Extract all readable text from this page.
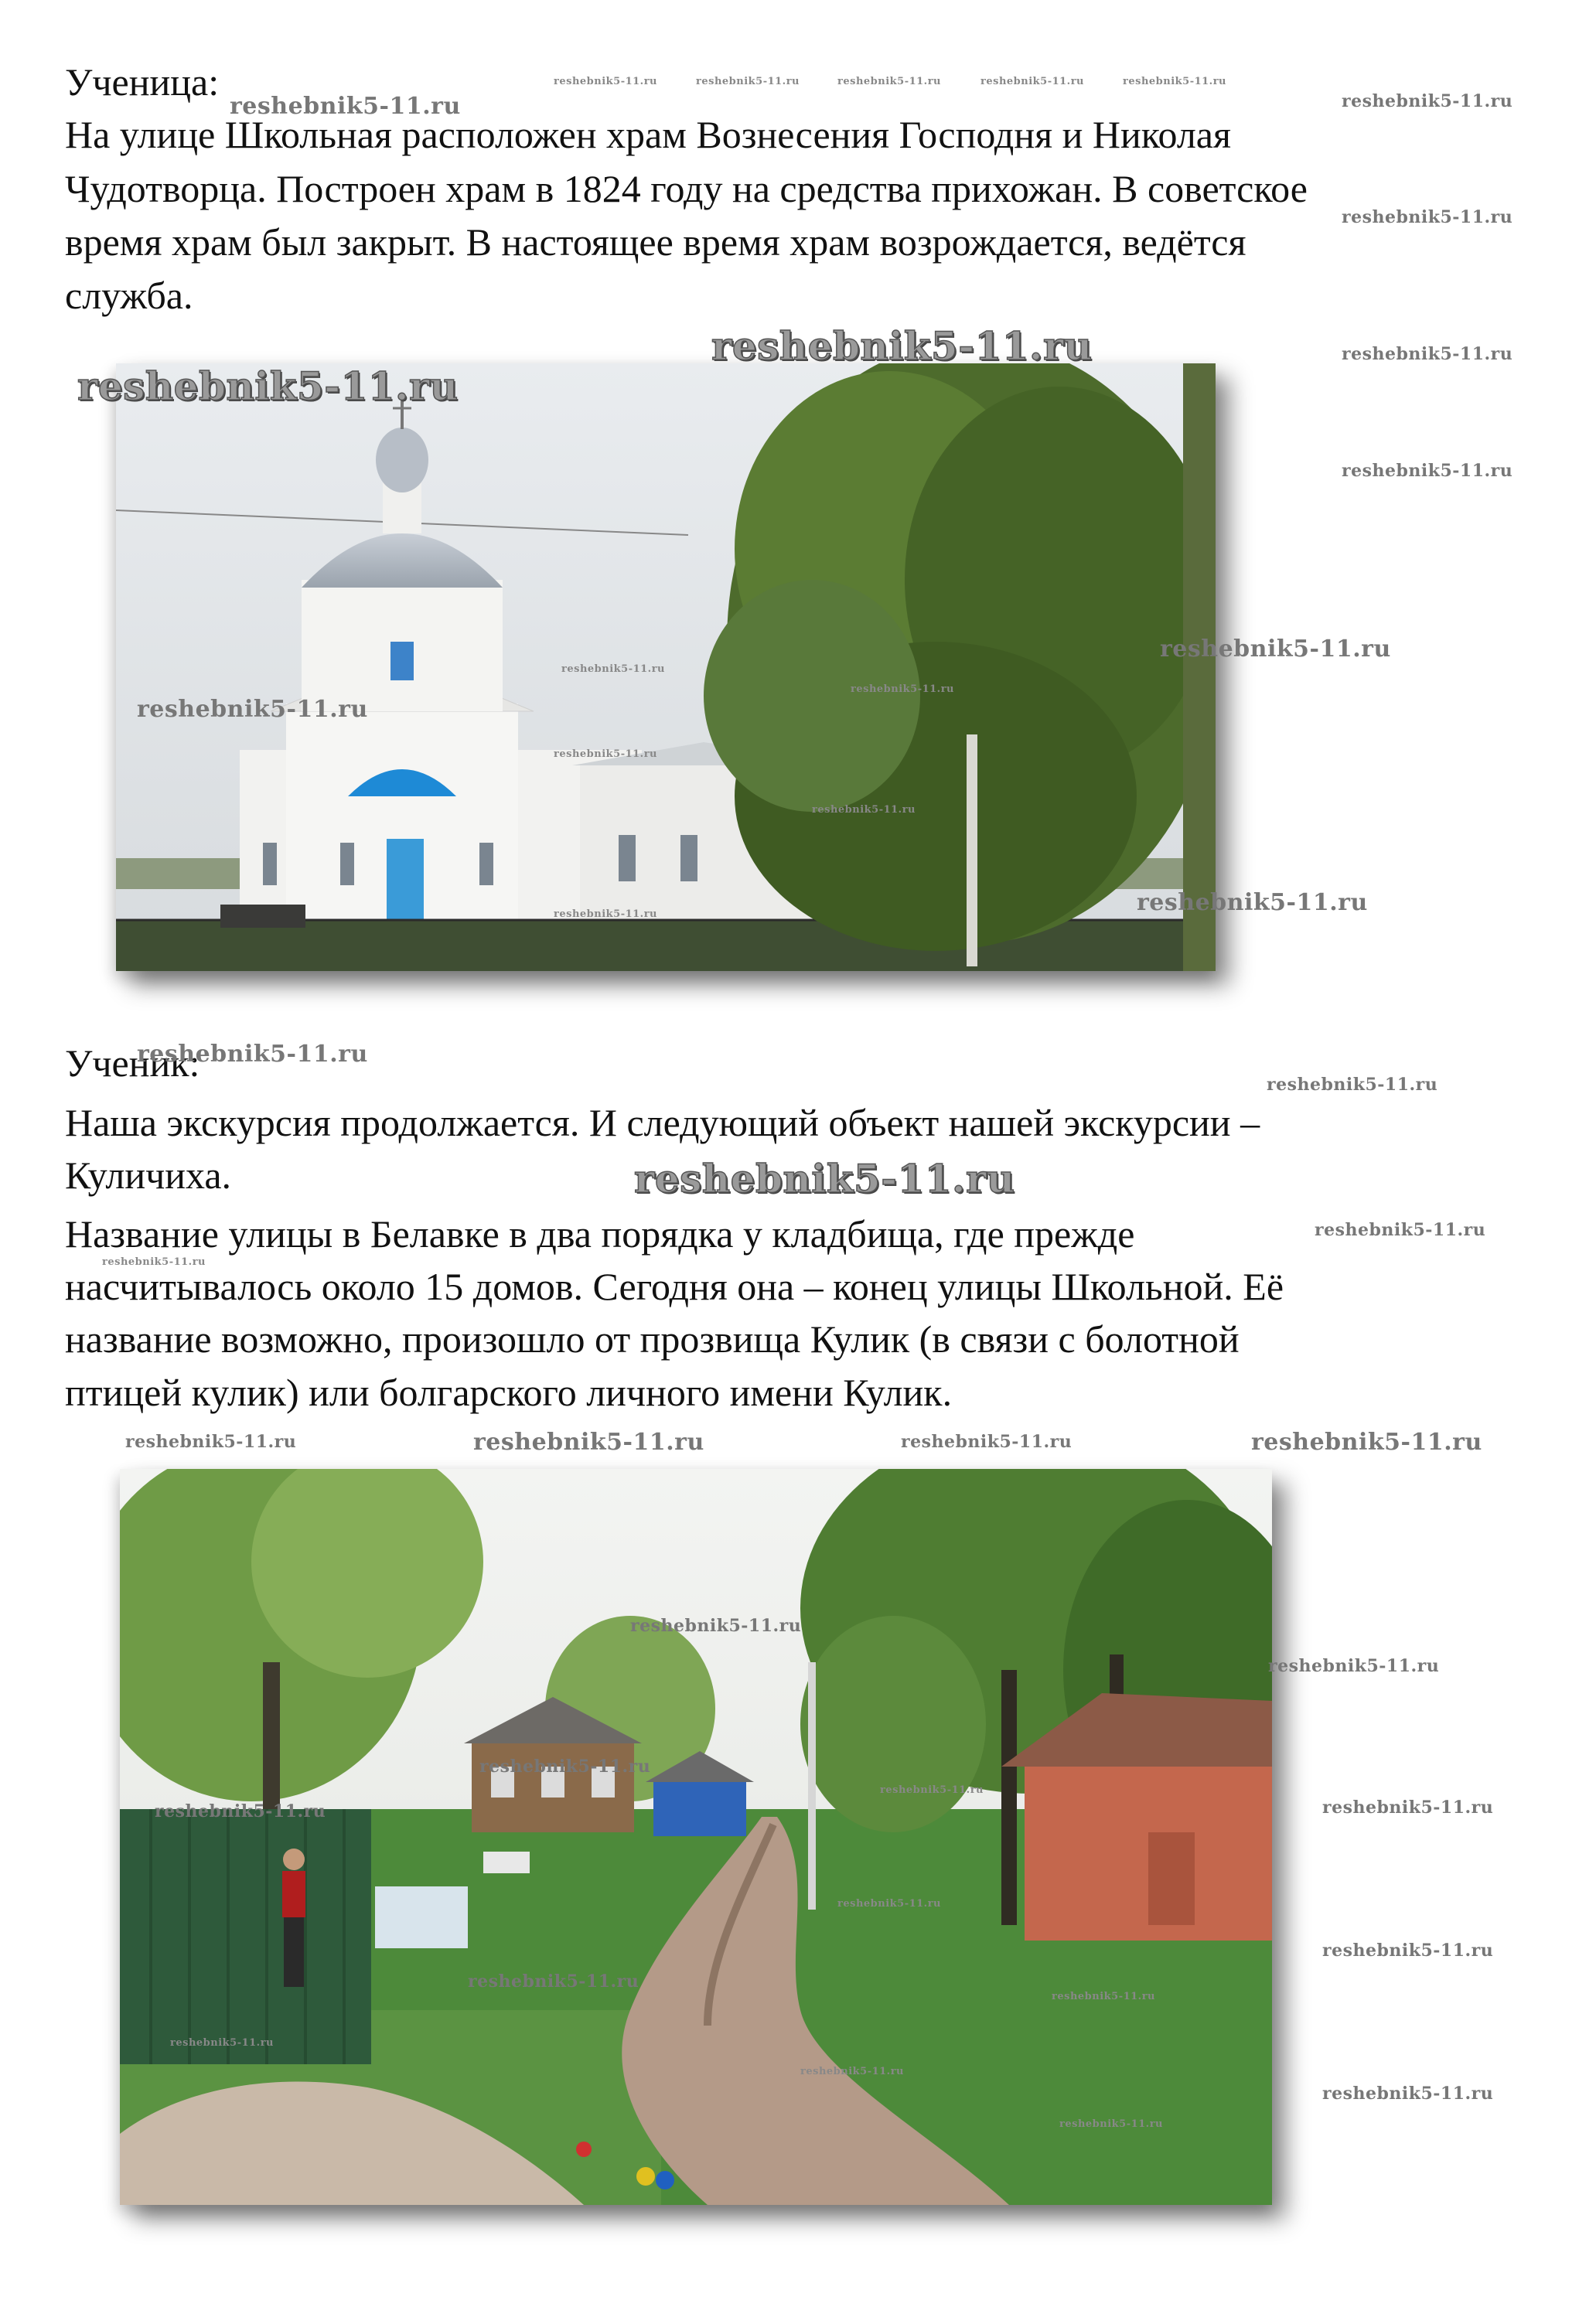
Ученица:
На улице Школьная расположен храм Вознесения Господня и Николая
Чудотворца. Построен храм в 1824 году на средства прихожан. В советское
время храм был закрыт. В настоящее время храм возрождается, ведётся
служба.
Ученик:
Наша экскурсия продолжается. И следующий объект нашей экскурсии –
Куличиха.
Название улицы в Белавке в два порядка у кладбища, где прежде
насчитывалось около 15 домов. Сегодня она – конец улицы Школьной. Её
название возможно, произошло от прозвища Кулик (в связи с болотной
птицей кулик) или болгарского личного имени Кулик.
reshebnik5-11.ru
reshebnik5-11.ru	reshebnik5-11.ru	reshebnik5-11.ru	reshebnik5-11.ru	reshebnik5-11.ru
reshebnik5-11.ru
reshebnik5-11.ru
reshebnik5-11.ru	reshebnik5-11.ru
reshebnik5-11.ru
reshebnik5-11.ru
reshebnik5-11.ru
reshebnik5-11.ru
reshebnik5-11.ru
reshebnik5-11.ru
reshebnik5-11.ru
reshebnik5-11.ru
reshebnik5-11.ru
reshebnik5-11.ru
reshebnik5-11.ru
reshebnik5-11.ru
reshebnik5-11.ru
reshebnik5-11.ru
reshebnik5-11.ru
reshebnik5-11.ru	reshebnik5-11.ru	reshebnik5-11.ru	reshebnik5-11.ru
reshebnik5-11.ru
reshebnik5-11.ru
reshebnik5-11.ru
reshebnik5-11.ru
reshebnik5-11.ru	reshebnik5-11.ru
reshebnik5-11.ru
reshebnik5-11.ru
reshebnik5-11.ru
reshebnik5-11.ru
reshebnik5-11.ru
reshebnik5-11.ru
reshebnik5-11.ru
reshebnik5-11.ru
